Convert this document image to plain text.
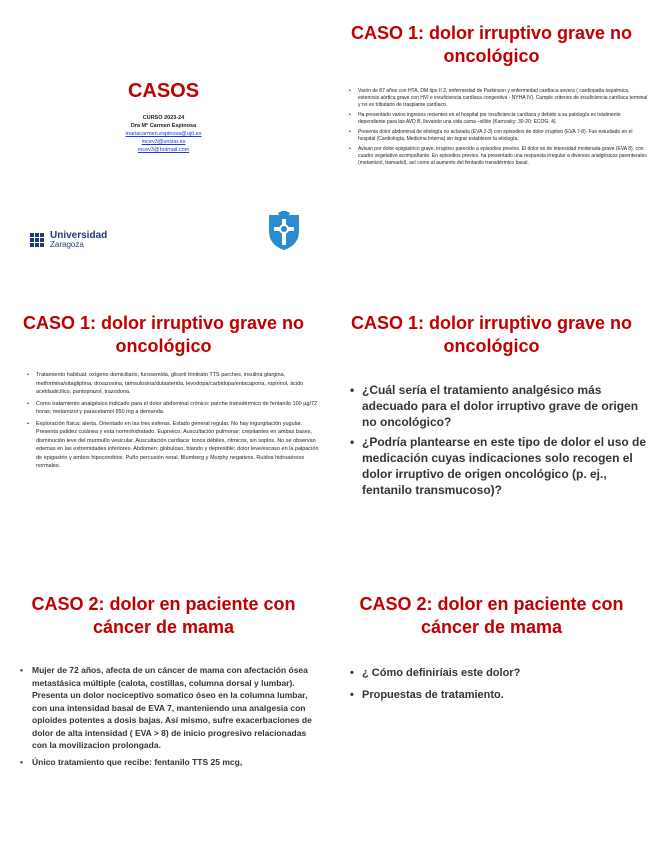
CASOS
CURSO 2023-24
Dra Mª Carmen Espinosa
mariacarmen.espinosa@ujd.es
mcev3@unizar.es
mcev3@hotmail.com
Universidad
Zaragoza
CASO 1: dolor irruptivo grave no oncológico
• Varón de 87 años con HTA, DM tipo II 2, enfermedad de Parkinson y enfermedad cardíaca severa ( cardiopatía isquémica, estenosis aórtica grave con HVI e insuficiencia cardíaca congestiva - NYHA IV). Cumple criterios de insuficiencia cardíaca terminal y no es tributario de trasplante cardíaco.
• Ha presentado varios ingresos recientes en el hospital por insuficiencia cardíaca y debido a su patología es totalmente dependiente para las AVD B, llevando una vida cama –sillón (Karnosky: 30-20; ECOG: 4).
• Presenta dolor abdominal de etiología no aclarada (EVA 2-3) con episodios de dolor irruptivo (EVA 7-8). Fue estudiado en el hospital (Cardiología, Medicina Interna) sin lograr establecer la etiología.
• Avisan por dolor epigástrico grave, irruptivo parecido a episodios previos. El dolor es de intensidad moderada-grave (EVA 8), con cuadro vegetativo acompañante. En episodios previos, ha presentado una respuesta irregular a diversos analgésicos parenterales (metamizol, tramadol), así como al aumento del fentanilo transdérmico basal.
CASO 1: dolor irruptivo grave no oncológico
• Tratamiento habitual: oxígeno domiciliario, furosemida, gliceril trinitrato TTS parches, insulina glargina, metformina/sitagliptina, doxazosina, tamsulosina/dutasterida, levodopa/carbidopa/entacapona, ropirinol, ácido acetilsalicílico, pantoprazol, trazodona.
• Como tratamiento analgésico indicado para el dolor abdominal crónico: parche transdérmico de fentanilo 100 µg/72 horas; metamizol y paracetamol 650 mg a demanda.
• Exploración física: alerta. Orientado en las tres esferas. Estado general regular. No hay ingurgitación yugular. Presenta palidez cutánea y esta normohidratado. Eupneico. Auscultación pulmonar: crepitantes en ambas bases, disminución leve del murmullo vesicular. Auscultación cardiaca: tonos débiles, rítmicos, sin soplos. No se observan edemas en las extremidades inferiores. Abdomen: globuloso, blando y depresible; dolor leve/escaso en la palpación de epigastrio y ambos hipocondrios. Puño percusión renal. Blumberg y Murphy negativos. Ruidos hidroaéreos normales.
CASO 1: dolor irruptivo grave no oncológico
• ¿Cuál sería el tratamiento analgésico más adecuado para el dolor irruptivo grave de origen no oncológico?
• ¿Podría plantearse en este tipo de dolor el uso de medicación cuyas indicaciones solo recogen el dolor irruptivo de origen oncológico (p. ej., fentanilo transmucoso)?
CASO 2: dolor en paciente con cáncer de mama
• Mujer de 72 años, afecta de un cáncer de mama con afectación ósea metastásica múltiple (calota, costillas, columna dorsal y lumbar). Presenta un dolor nociceptivo somatico óseo en la columna lumbar, con una intensidad basal de EVA 7, manteniendo una analgesia con opioides potentes a dosis bajas. Así mismo, sufre exacerbaciones de dolor de alta intensidad ( EVA > 8) de inicio progresivo relacionadas con la movilizacion prolongada.
• Único tratamiento que recibe: fentanilo TTS 25 mcg,
CASO 2: dolor en paciente con cáncer de mama
• ¿ Cómo definiríais este dolor?
• Propuestas de tratamiento.
